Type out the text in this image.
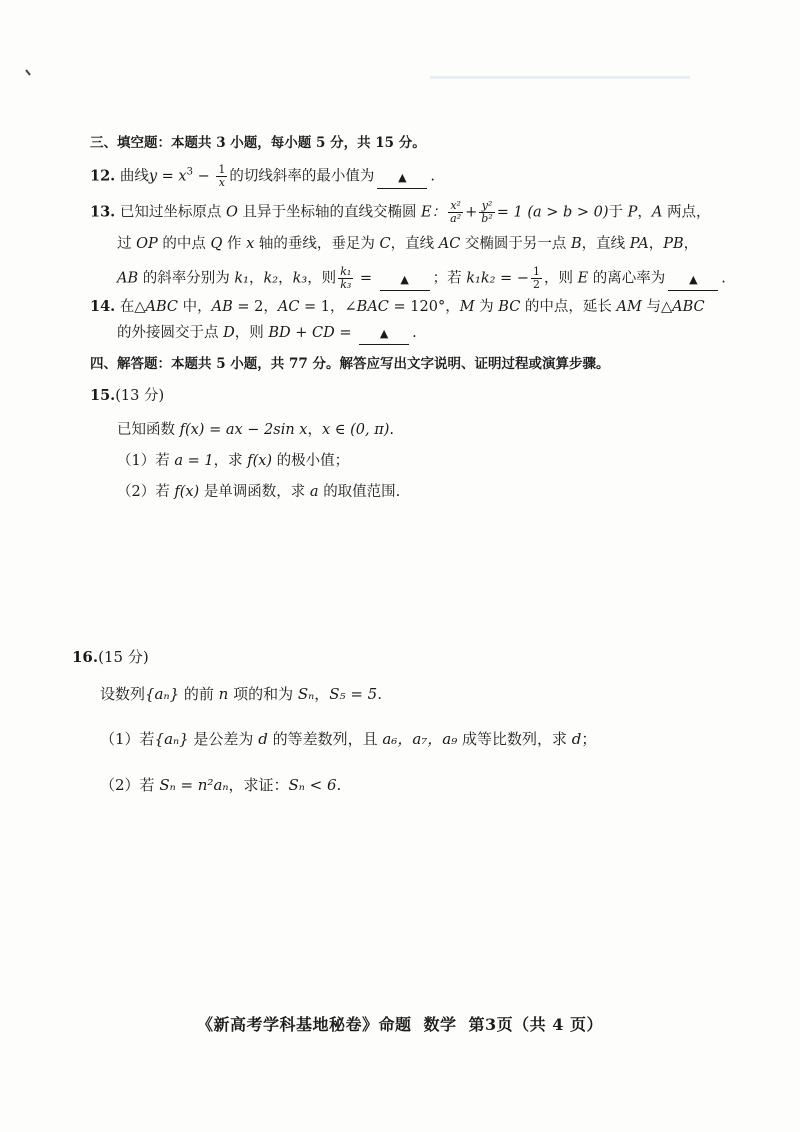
三、填空题：本题共 3 小题，每小题 5 分，共 15 分。
12. 曲线$y = x^3 - \frac{1}{x}$ 的切线斜率的最小值为 ▲ .
13. 已知过坐标原点 O 且异于坐标轴的直线交椭圆 E： $\frac{\text{x²}}{\text{a²}} + \frac{\text{y²}}{\text{b²}} = 1$ (a > b > 0)于 P，A 两点，
过 OP 的中点 Q 作 x 轴的垂线，垂足为 C，直线 AC 交椭圆于另一点 B，直线 PA，PB，
AB 的斜率分别为 k₁，k₂，k₃，则 $\frac{\text{k₁}}{\text{k₃}}$ = ▲ ；若 k₁k₂ = − $\frac{1}{2}$ ，则 E 的离心率为 ▲ .
14. 在△ABC 中，AB = 2，AC = 1，∠BAC = 120°，M 为 BC 的中点，延长 AM 与△ABC
的外接圆交于点 D，则 BD + CD = ▲ .
四、解答题：本题共 5 小题，共 77 分。解答应写出文字说明、证明过程或演算步骤。
15.(13 分)
已知函数 f(x) = ax − 2sin x，x ∈ (0, π).
（1）若 a = 1，求 f(x) 的极小值；
（2）若 f(x) 是单调函数，求 a 的取值范围.
16.(15 分)
设数列{aₙ} 的前 n 项的和为 Sₙ，S₅ = 5.
（1）若{aₙ} 是公差为 d 的等差数列，且 a₆，a₇，a₉ 成等比数列，求 d；
（2）若 Sₙ = n²aₙ，求证：Sₙ < 6.
《新高考学科基地秘卷》命题 数学 第3页（共 4 页）
